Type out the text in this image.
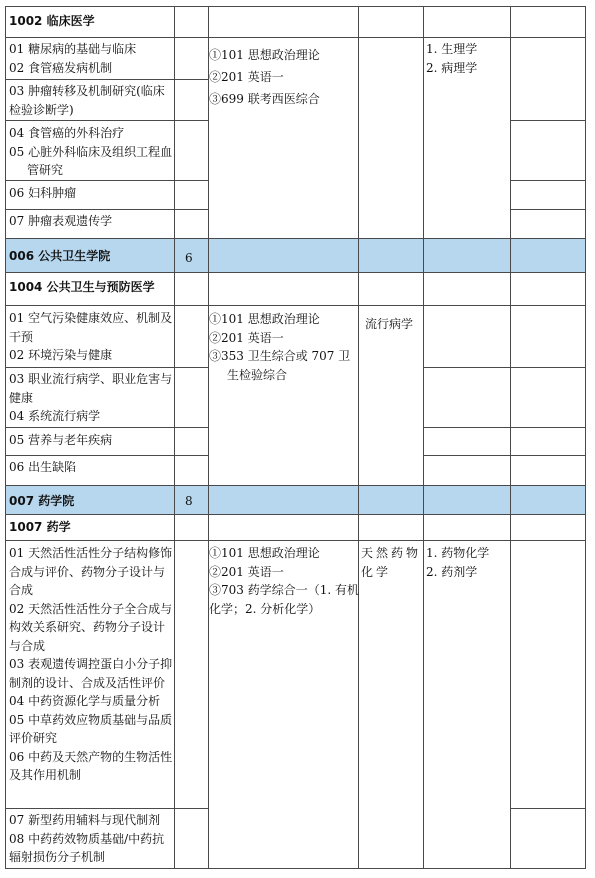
1002 临床医学
01 糖尿病的基础与临床
02 食管癌发病机制
03 肿瘤转移及机制研究(临床检验诊断学)
04 食管癌的外科治疗
05 心脏外科临床及组织工程血管研究
06 妇科肿瘤
07 肿瘤表观遗传学
①101 思想政治理论
②201 英语一
③699 联考西医综合
1. 生理学
2. 病理学
006 公共卫生学院	6
1004 公共卫生与预防医学
01 空气污染健康效应、机制及干预
02 环境污染与健康
03 职业流行病学、职业危害与健康
04 系统流行病学
05 营养与老年疾病
06 出生缺陷
①101 思想政治理论
②201 英语一
③353 卫生综合或 707 卫生检验综合
流行病学
007 药学院	8
1007 药学
01 天然活性活性分子结构修饰合成与评价、药物分子设计与合成
02 天然活性活性分子全合成与构效关系研究、药物分子设计与合成
03 表观遗传调控蛋白小分子抑制剂的设计、合成及活性评价
04 中药资源化学与质量分析
05 中草药效应物质基础与品质评价研究
06 中药及天然产物的生物活性及其作用机制
07 新型药用辅料与现代制剂
08 中药药效物质基础/中药抗辐射损伤分子机制
①101 思想政治理论
②201 英语一
③703 药学综合一（1. 有机化学；2. 分析化学）
天然药物化学
1. 药物化学
2. 药剂学
